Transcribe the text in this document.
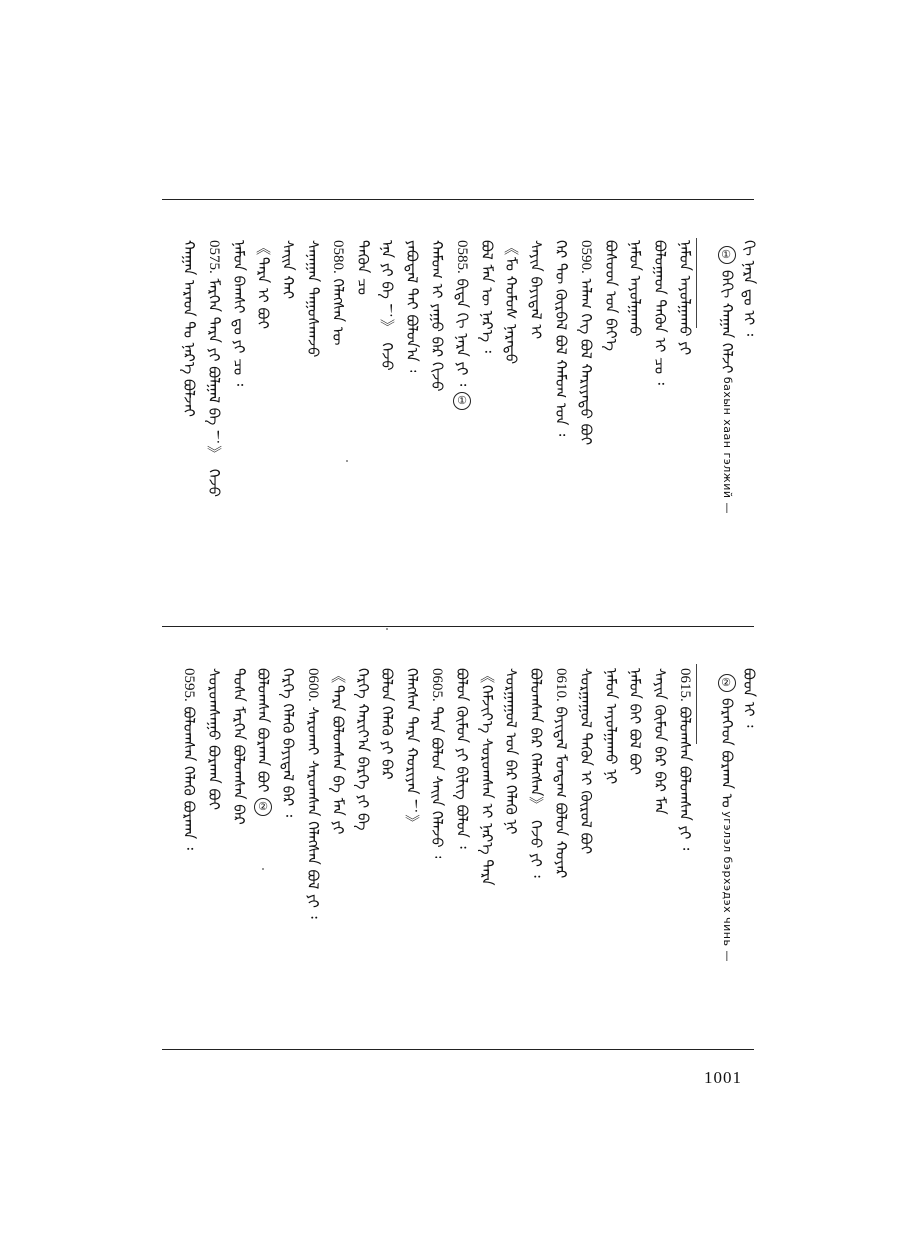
ᠬᠢ ᠨᠡᠷᠡ ᠳᠤ ᠢ ᠄
①ᠪᠠᠬᠢ ᠬᠠᠭᠠᠨ ᠭᠡᠯᠵᠢ баxын хаан гэлжий —
ᠨᠠᠮᠤᠨ ᠠᠶᠤᠯᠭᠠᠬᠤ ᠶᠢ
ᠪᠤᠯᠤᠭᠠᠳ ᠲᠡᠭᠦᠨ ᠢ ᠴᠤ ᠄
ᠨᠠᠮᠤᠨ ᠠᠶᠤᠯᠭᠠᠬᠤ
ᠪᠤᠰᠤᠳ ᠤᠨ ᠪᠡᠶ᠎ᠡ
0590. ᠠᠯᠠᠭ ᠬᠡᠭ ᠪᠤᠯ ᠬᠠᠷᠢᠶᠠᠲᠤ ᠪᠤᠢ
ᠭᠡᠷ ᠲᠦ ᠬᠦᠷᠪᠡᠯ ᠪᠤᠯ ᠬᠠᠮᠤᠭ ᠤᠨ ᠄
ᠰᠠᠶᠢᠨ ᠪᠠᠶᠢᠳᠠᠯ ᠢ
《ᠮᠤ ᠬᠤᠮᠤᠰ ᠨᠡᠷᠡᠲᠦ
ᠪᠤᠯ ᠮᠠᠨ ᠦ ᠨᠡᠷ᠎ᠡ ᠄
0585. ᠪᠢᠳᠡ ᠬᠢ ᠨᠡᠷᠡ ᠶᠢ ᠄①
ᠬᠠᠮᠤᠭ ᠢ ᠶᠠᠭᠤ ᠪᠠᠷ ᠬᠢᠵᠦ
ᠶᠠᠪᠤᠳᠠᠯ ᠲᠠᠢ ᠪᠤᠯᠤᠨ᠎ᠠ ᠄
ᠡᠨᠡ ᠶᠢ ᠪᠡ ！》 ᠭᠡᠵᠦ
ᠲᠡᠭᠦᠨ ᠴᠤ
0580. ᠬᠡᠯᠡᠭᠰᠡᠨ ᠦ
ᠰᠠᠨᠠᠭᠠᠨ ᠳᠠᠭᠤᠰᠬᠠᠵᠤ
ᠰᠠᠢᠨ ᠬᠠᠢ
《ᠲᠡᠷᠡ ᠢ ᠪᠤᠢ
ᠨᠠᠮᠤᠨ ᠪᠠᠭᠰᠢ ᠳᠤ ᠶᠢ ᠴᠤ ᠄
0575. ᠮᠡᠷᠭᠡᠨ ᠲᠡᠷᠡ ᠶᠢ ᠪᠤᠯᠭᠠᠯ ᠪᠡ ！》 ᠭᠡᠵᠦ
ᠬᠠᠭᠠᠨ ᠠᠷᠠᠳ ᠲᠤ ᠨᠡᠷ᠎ᠡ ᠪᠤᠯᠵᠠᠢ
ᠪᠤᠳ ᠢ ᠄
②ᠪᠡᠷᠡᠬᠡᠳ ᠪᠤᠷᠬᠠᠨ ᠤ угэлэл бэрхэдэх чинь —
0615. ᠪᠤᠯᠤᠭᠰᠠᠨ ᠪᠤᠯᠤᠭᠰᠠᠨ ᠶᠢ ᠄
ᠰᠠᠶᠢᠨ ᠬᠦᠮᠦᠨ ᠪᠡᠷ ᠪᠠᠷ ᠮᠠᠨ
ᠨᠠᠮᠤᠨ ᠪᠠᠢ ᠪᠤᠯ ᠪᠤᠢ
ᠨᠠᠮᠤᠨ ᠠᠶᠤᠯᠭᠠᠬᠤ ᠨᠢ
ᠰᠤᠷᠭᠠᠭᠤᠯ ᠲᠡᠭᠦᠨ ᠢ ᠬᠦᠷᠦᠯ ᠪᠤᠢ
0610. ᠪᠠᠶᠢᠳᠠᠯ ᠮᠤᠨᠳᠠᠭ ᠪᠤᠯᠤᠨ ᠬᠤᠶᠠᠷ
ᠪᠤᠯᠤᠭᠰᠠᠨ ᠪᠠᠷ ᠬᠡᠯᠡᠭᠰᠡᠨ》 ᠭᠡᠵᠦ ᠶᠢ ᠄
ᠰᠤᠷᠭᠠᠭᠤᠯ ᠤᠨ ᠪᠠᠷ ᠬᠡᠯᠡᠬᠦ ᠨᠢ
《ᠬᠡᠮᠵᠢᠶ᠎ᠡ ᠰᠤᠷᠤᠭᠰᠠᠨ ᠢ ᠨᠡᠷ᠎ᠡ ᠲᠡᠷᠡ
ᠪᠤᠯᠤᠨ ᠬᠦᠮᠦᠨ ᠶᠢ ᠪᠢᠯᠢᠭ ᠪᠤᠯᠤᠨ ᠄
0605. ᠲᠡᠷᠡ ᠪᠤᠯᠤᠨ ᠰᠠᠢᠨ ᠬᠡᠯᠡᠵᠦ ᠄
ᠬᠡᠯᠡᠭᠰᠡᠨ ᠲᠡᠷᠡ ᠬᠤᠷᠢᠶᠠᠨ ！》
ᠪᠤᠯᠤᠨ ᠬᠡᠯᠡᠬᠦ ᠶᠢ ᠪᠡᠷ
ᠬᠡᠷᠭᠡ ᠬᠠᠷᠢᠶ᠎ᠠ ᠪᠡᠷᠬᠡ ᠶᠢ ᠪᠡ
《ᠲᠡᠷᠡ ᠪᠤᠯᠤᠭᠰᠠᠨ ᠪᠡ ᠮᠠᠨ ᠶᠢ
0600. ᠰᠠᠷᠤᠬᠠᠢ ᠰᠠᠷᠤᠭᠰᠠᠨ ᠬᠡᠯᠡᠭᠰᠡᠨ ᠪᠤᠯ ᠶᠢ ᠄
ᠬᠡᠷᠭᠡ ᠬᠡᠯᠡᠬᠦ ᠪᠠᠶᠢᠳᠠᠯ ᠪᠠᠷ ᠄
ᠪᠤᠯᠤᠭᠰᠠᠨ ᠪᠤᠷᠬᠠᠨ ᠪᠤᠢ②
ᠲᠤᠰᠠ ᠮᠡᠷᠭᠡᠨ ᠪᠤᠯᠤᠭᠰᠠᠨ ᠪᠡᠷ
ᠰᠤᠷᠤᠭᠰᠠᠭᠤ ᠪᠤᠷᠬᠠᠨ ᠪᠤᠢ
0595. ᠪᠤᠯᠤᠭᠰᠠᠨ ᠬᠡᠯᠡᠬᠦ ᠪᠤᠷᠬᠠᠨ ᠄
1001
